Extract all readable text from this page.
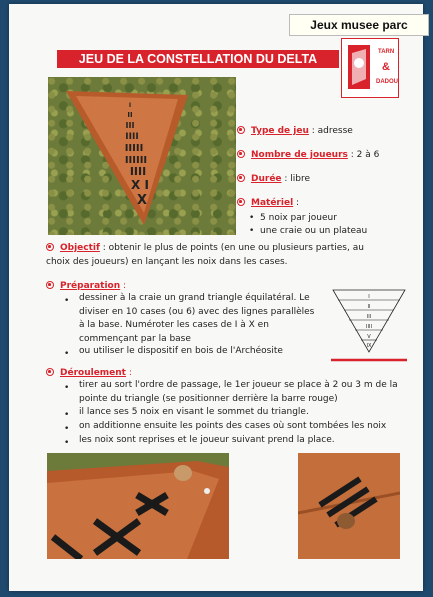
Jeux musee parc
JEU DE LA CONSTELLATION DU DELTA	TARN
&
DADOU
I
II
III
IIII
IIIII
IIIIII
IIII
X I
X
Type de jeu : adresse
Nombre de joueurs : 2 à 6
Durée : libre
Matériel :
•  5 noix par joueur
•  une craie ou un plateau
Objectif : obtenir le plus de points (en une ou plusieurs parties, au
choix des joueurs) en lançant les noix dans les cases.
Préparation :
• dessiner à la craie un grand triangle équilatéral. Le
diviser en 10 cases (ou 6) avec des lignes parallèles
à la base. Numéroter les cases de I à X en
commençant par la base
• ou utiliser le dispositif en bois de l'Archéosite
I
II
III
IIII
V
IX
Déroulement :
• tirer au sort l'ordre de passage, le 1er joueur se place à 2 ou 3 m de la
pointe du triangle (se positionner derrière la barre rouge)
• il lance ses 5 noix en visant le sommet du triangle.
• on additionne ensuite les points des cases où sont tombées les noix
• les noix sont reprises et le joueur suivant prend la place.
